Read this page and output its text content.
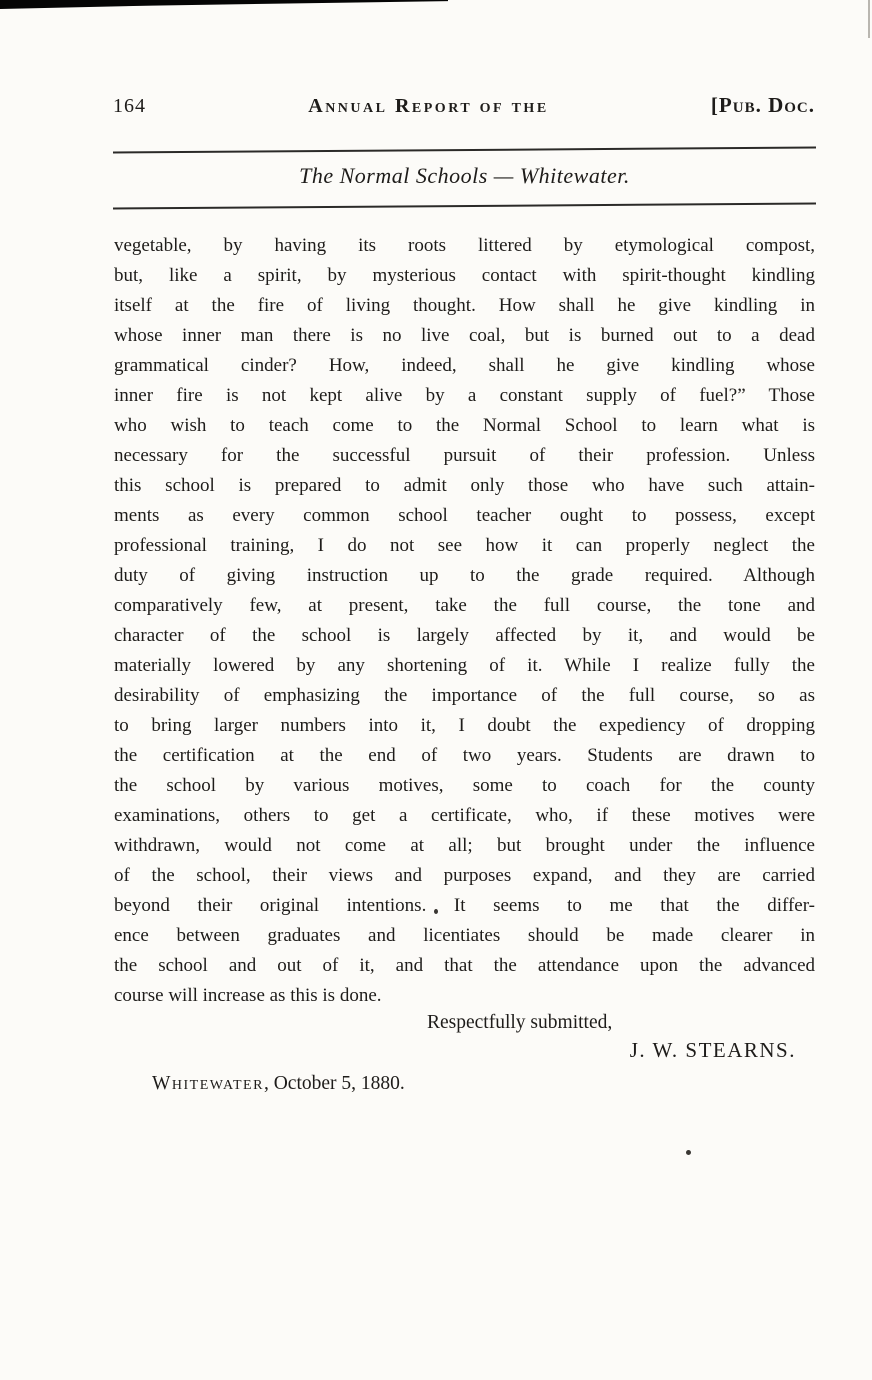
164	Annual Report of the	[Pub. Doc.
The Normal Schools — Whitewater.
vegetable, by having its roots littered by etymological compost,
but, like a spirit, by mysterious contact with spirit-thought kindling
itself at the fire of living thought. How shall he give kindling in
whose inner man there is no live coal, but is burned out to a dead
grammatical cinder? How, indeed, shall he give kindling whose
inner fire is not kept alive by a constant supply of fuel?” Those
who wish to teach come to the Normal School to learn what is
necessary for the successful pursuit of their profession. Unless
this school is prepared to admit only those who have such attain-
ments as every common school teacher ought to possess, except
professional training, I do not see how it can properly neglect the
duty of giving instruction up to the grade required. Although
comparatively few, at present, take the full course, the tone and
character of the school is largely affected by it, and would be
materially lowered by any shortening of it. While I realize fully the
desirability of emphasizing the importance of the full course, so as
to bring larger numbers into it, I doubt the expediency of dropping
the certification at the end of two years. Students are drawn to
the school by various motives, some to coach for the county
examinations, others to get a certificate, who, if these motives were
withdrawn, would not come at all; but brought under the influence
of the school, their views and purposes expand, and they are carried
beyond their original intentions. It seems to me that the differ-
ence between graduates and licentiates should be made clearer in
the school and out of it, and that the attendance upon the advanced
course will increase as this is done.
Respectfully submitted,
J. W. STEARNS.
Whitewater, October 5, 1880.
